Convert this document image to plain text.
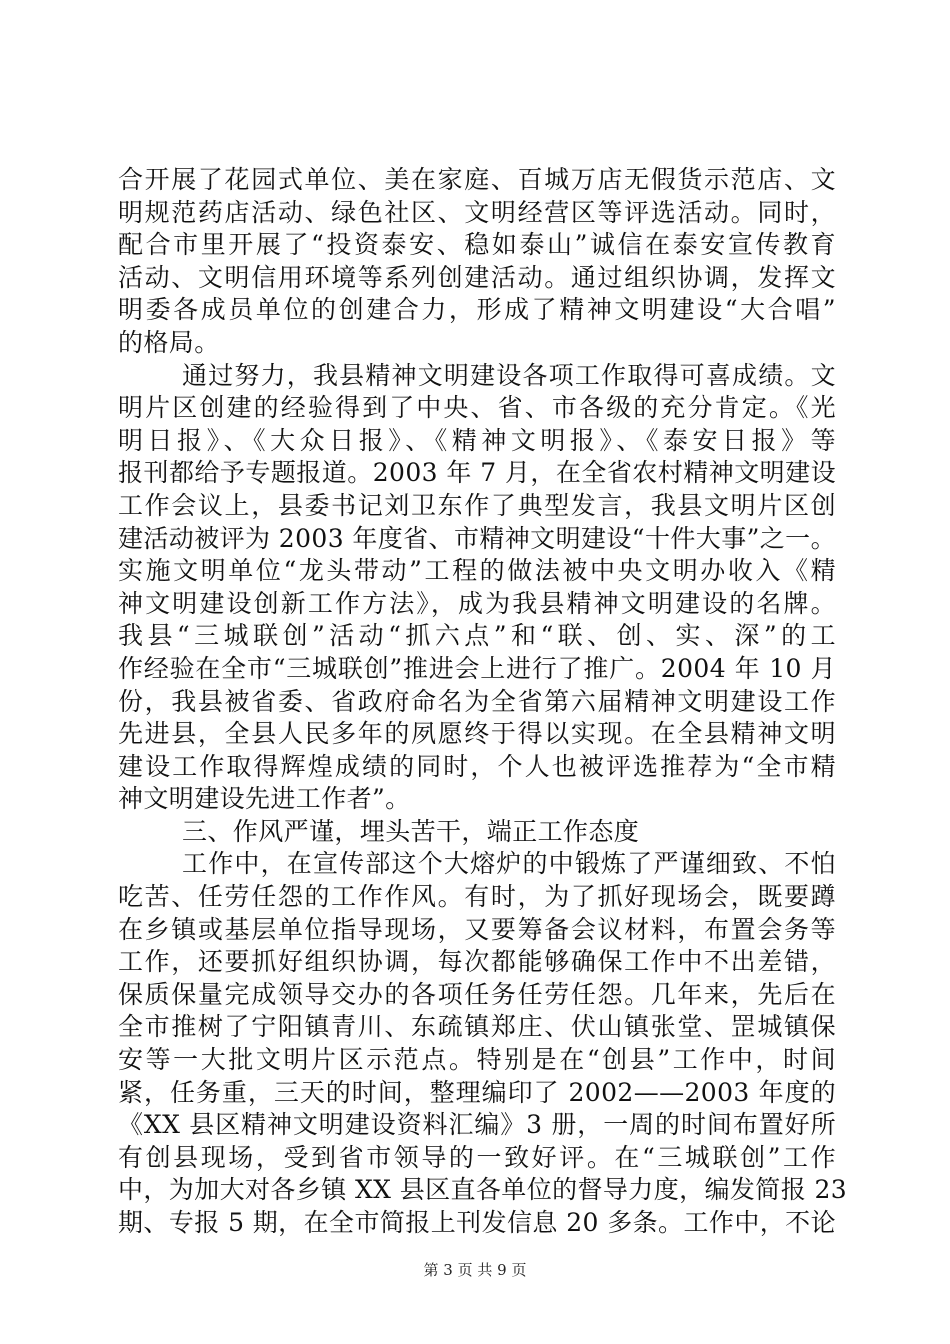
合开展了花园式单位、美在家庭、百城万店无假货示范店、文
明规范药店活动、绿色社区、文明经营区等评选活动。同时，
配合市里开展了“投资泰安、稳如泰山”诚信在泰安宣传教育
活动、文明信用环境等系列创建活动。通过组织协调，发挥文
明委各成员单位的创建合力，形成了精神文明建设“大合唱”
的格局。
通过努力，我县精神文明建设各项工作取得可喜成绩。文
明片区创建的经验得到了中央、省、市各级的充分肯定。《光
明日报》、《大众日报》、《精神文明报》、《泰安日报》等
报刊都给予专题报道。2003 年 7 月，在全省农村精神文明建设
工作会议上，县委书记刘卫东作了典型发言，我县文明片区创
建活动被评为 2003 年度省、市精神文明建设“十件大事”之一。
实施文明单位“龙头带动”工程的做法被中央文明办收入《精
神文明建设创新工作方法》，成为我县精神文明建设的名牌。
我县“三城联创”活动“抓六点”和“联、创、实、深”的工
作经验在全市“三城联创”推进会上进行了推广。2004 年 10 月
份，我县被省委、省政府命名为全省第六届精神文明建设工作
先进县，全县人民多年的夙愿终于得以实现。在全县精神文明
建设工作取得辉煌成绩的同时，个人也被评选推荐为“全市精
神文明建设先进工作者”。
三、作风严谨，埋头苦干，端正工作态度
工作中，在宣传部这个大熔炉的中锻炼了严谨细致、不怕
吃苦、任劳任怨的工作作风。有时，为了抓好现场会，既要蹲
在乡镇或基层单位指导现场，又要筹备会议材料，布置会务等
工作，还要抓好组织协调，每次都能够确保工作中不出差错，
保质保量完成领导交办的各项任务任劳任怨。几年来，先后在
全市推树了宁阳镇青川、东疏镇郑庄、伏山镇张堂、罡城镇保
安等一大批文明片区示范点。特别是在“创县”工作中，时间
紧，任务重，三天的时间，整理编印了 2002——2003 年度的
《XX 县区精神文明建设资料汇编》3 册，一周的时间布置好所
有创县现场，受到省市领导的一致好评。在“三城联创”工作
中，为加大对各乡镇 XX 县区直各单位的督导力度，编发简报 23
期、专报 5 期，在全市简报上刊发信息 20 多条。工作中，不论
第 3 页 共 9 页
